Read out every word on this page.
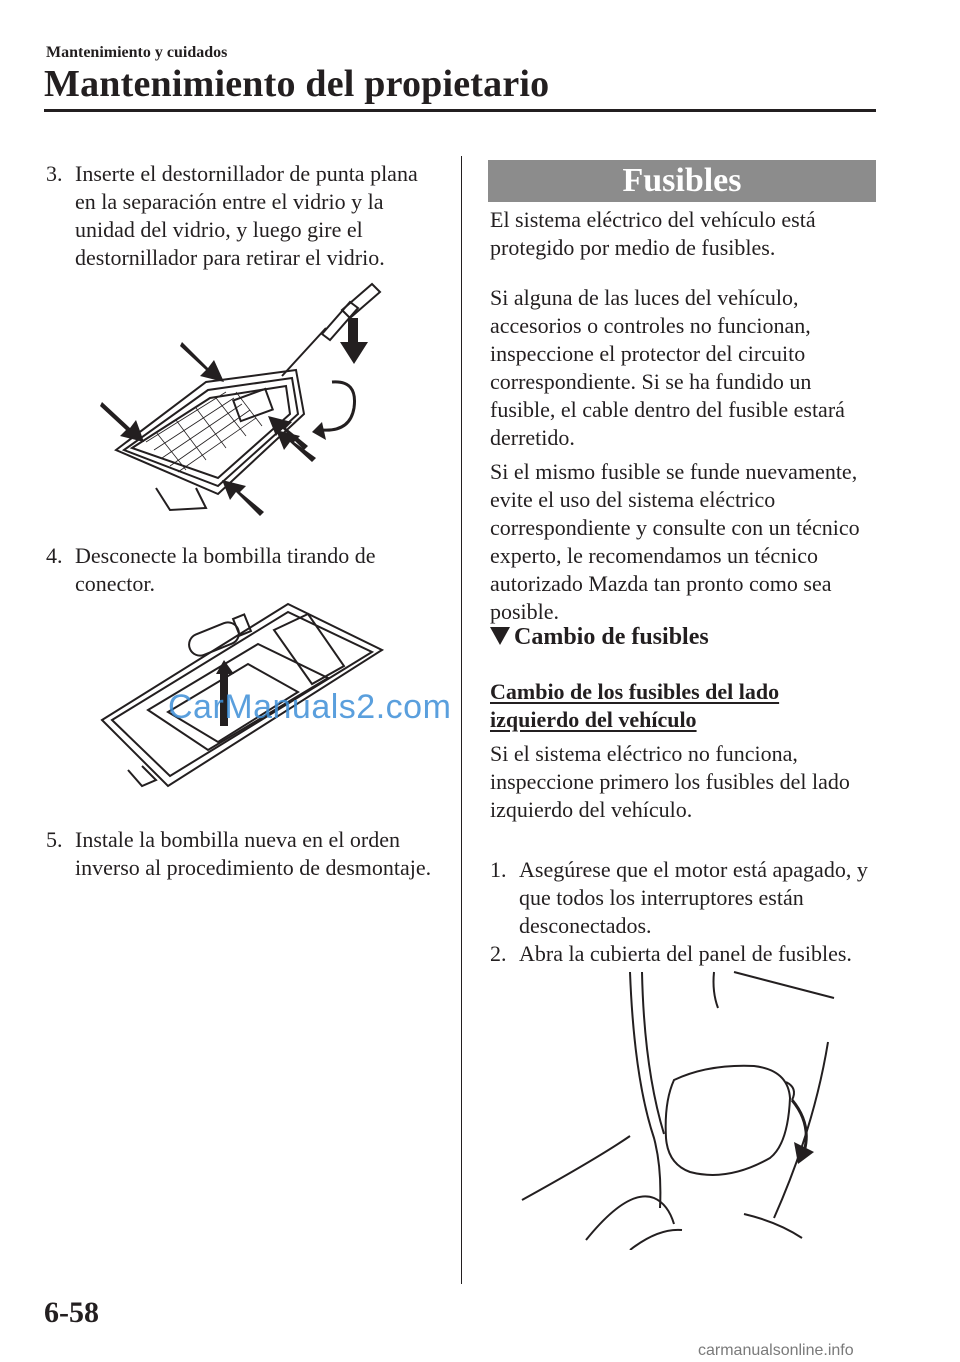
Mantenimiento y cuidados
Mantenimiento del propietario
3. Inserte el destornillador de punta plana en la separación entre el vidrio y la unidad del vidrio, y luego gire el destornillador para retirar el vidrio.
4. Desconecte la bombilla tirando de conector.
CarManuals2.com
5. Instale la bombilla nueva en el orden inverso al procedimiento de desmontaje.
Fusibles
El sistema eléctrico del vehículo está protegido por medio de fusibles.
Si alguna de las luces del vehículo, accesorios o controles no funcionan, inspeccione el protector del circuito correspondiente. Si se ha fundido un fusible, el cable dentro del fusible estará derretido.
Si el mismo fusible se funde nuevamente, evite el uso del sistema eléctrico correspondiente y consulte con un técnico experto, le recomendamos un técnico autorizado Mazda tan pronto como sea posible.
Cambio de fusibles
Cambio de los fusibles del lado izquierdo del vehículo
Si el sistema eléctrico no funciona, inspeccione primero los fusibles del lado izquierdo del vehículo.
1. Asegúrese que el motor está apagado, y que todos los interruptores están desconectados.
2. Abra la cubierta del panel de fusibles.
6-58
carmanualsonline.info
